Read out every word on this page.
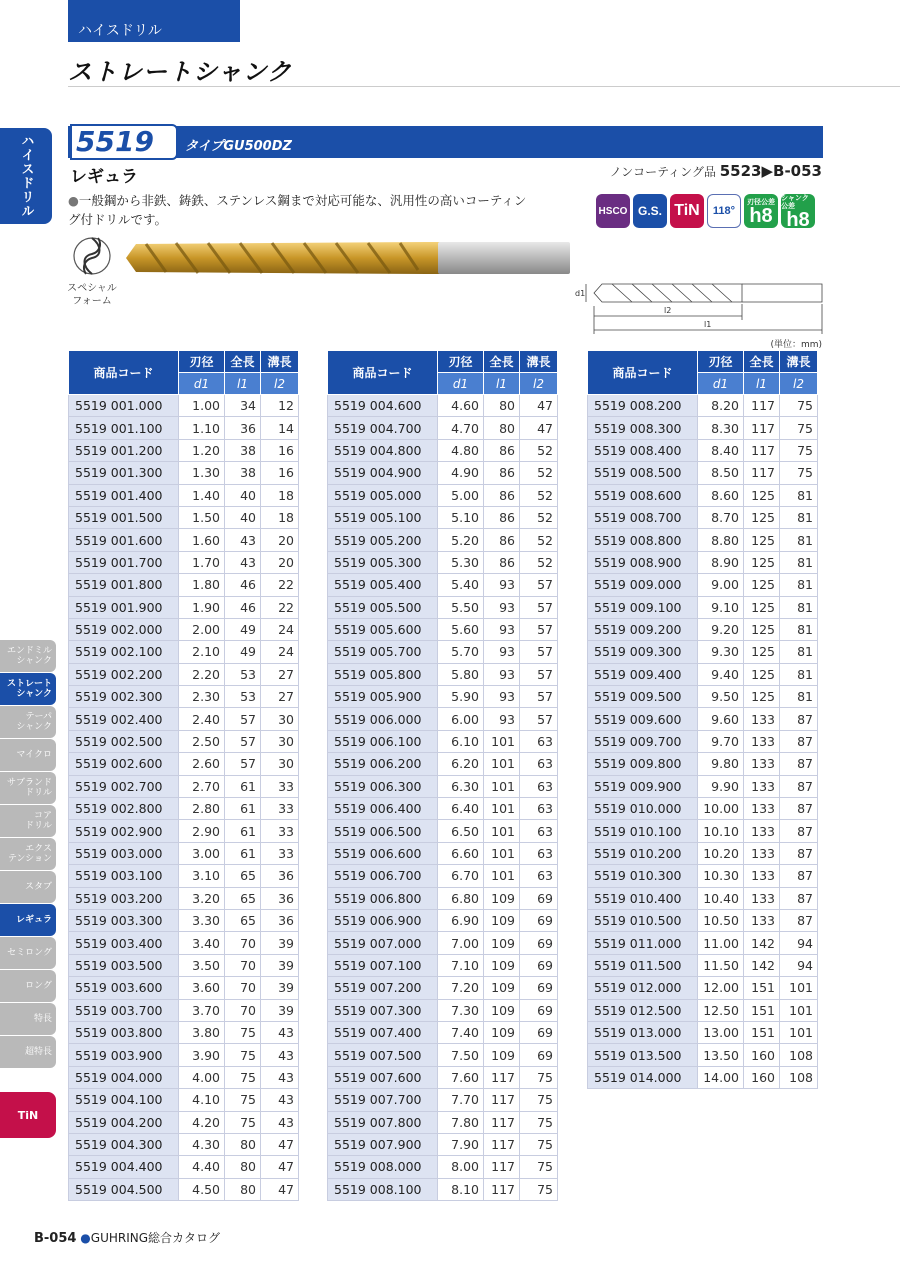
ハイスドリル
ストレートシャンク
ハイスドリル
エンドミル
シャンク
ストレート
シャンク
テーパ
シャンク
マイクロ
サブランド
ドリル
コア
ドリル
エクス
テンション
スタブ
レギュラ
セミロング
ロング
特長
超特長
TiN
5519	タイプGU500DZ
レギュラ	ノンコーティング品 5523▶B-053
●一般鋼から非鉄、鋳鉄、ステンレス鋼まで対応可能な、汎用性の高いコーティング付ドリルです。
HSCO G.S. TiN	118°
刃径公差
h8
シャンク公差
h8
スペシャル
フォーム
d1
l2
l1
(単位：mm)
商品コード	刃径	全長	溝長
	d1	l1	l2
5519 001.000	1.00	34	12
5519 001.100	1.10	36	14
5519 001.200	1.20	38	16
5519 001.300	1.30	38	16
5519 001.400	1.40	40	18
5519 001.500	1.50	40	18
5519 001.600	1.60	43	20
5519 001.700	1.70	43	20
5519 001.800	1.80	46	22
5519 001.900	1.90	46	22
5519 002.000	2.00	49	24
5519 002.100	2.10	49	24
5519 002.200	2.20	53	27
5519 002.300	2.30	53	27
5519 002.400	2.40	57	30
5519 002.500	2.50	57	30
5519 002.600	2.60	57	30
5519 002.700	2.70	61	33
5519 002.800	2.80	61	33
5519 002.900	2.90	61	33
5519 003.000	3.00	61	33
5519 003.100	3.10	65	36
5519 003.200	3.20	65	36
5519 003.300	3.30	65	36
5519 003.400	3.40	70	39
5519 003.500	3.50	70	39
5519 003.600	3.60	70	39
5519 003.700	3.70	70	39
5519 003.800	3.80	75	43
5519 003.900	3.90	75	43
5519 004.000	4.00	75	43
5519 004.100	4.10	75	43
5519 004.200	4.20	75	43
5519 004.300	4.30	80	47
5519 004.400	4.40	80	47
5519 004.500	4.50	80	47
商品コード	刃径	全長	溝長
	d1	l1	l2
5519 004.600	4.60	80	47
5519 004.700	4.70	80	47
5519 004.800	4.80	86	52
5519 004.900	4.90	86	52
5519 005.000	5.00	86	52
5519 005.100	5.10	86	52
5519 005.200	5.20	86	52
5519 005.300	5.30	86	52
5519 005.400	5.40	93	57
5519 005.500	5.50	93	57
5519 005.600	5.60	93	57
5519 005.700	5.70	93	57
5519 005.800	5.80	93	57
5519 005.900	5.90	93	57
5519 006.000	6.00	93	57
5519 006.100	6.10	101	63
5519 006.200	6.20	101	63
5519 006.300	6.30	101	63
5519 006.400	6.40	101	63
5519 006.500	6.50	101	63
5519 006.600	6.60	101	63
5519 006.700	6.70	101	63
5519 006.800	6.80	109	69
5519 006.900	6.90	109	69
5519 007.000	7.00	109	69
5519 007.100	7.10	109	69
5519 007.200	7.20	109	69
5519 007.300	7.30	109	69
5519 007.400	7.40	109	69
5519 007.500	7.50	109	69
5519 007.600	7.60	117	75
5519 007.700	7.70	117	75
5519 007.800	7.80	117	75
5519 007.900	7.90	117	75
5519 008.000	8.00	117	75
5519 008.100	8.10	117	75
商品コード	刃径	全長	溝長
	d1	l1	l2
5519 008.200	8.20	117	75
5519 008.300	8.30	117	75
5519 008.400	8.40	117	75
5519 008.500	8.50	117	75
5519 008.600	8.60	125	81
5519 008.700	8.70	125	81
5519 008.800	8.80	125	81
5519 008.900	8.90	125	81
5519 009.000	9.00	125	81
5519 009.100	9.10	125	81
5519 009.200	9.20	125	81
5519 009.300	9.30	125	81
5519 009.400	9.40	125	81
5519 009.500	9.50	125	81
5519 009.600	9.60	133	87
5519 009.700	9.70	133	87
5519 009.800	9.80	133	87
5519 009.900	9.90	133	87
5519 010.000	10.00	133	87
5519 010.100	10.10	133	87
5519 010.200	10.20	133	87
5519 010.300	10.30	133	87
5519 010.400	10.40	133	87
5519 010.500	10.50	133	87
5519 011.000	11.00	142	94
5519 011.500	11.50	142	94
5519 012.000	12.00	151	101
5519 012.500	12.50	151	101
5519 013.000	13.00	151	101
5519 013.500	13.50	160	108
5519 014.000	14.00	160	108
B-054 ●GUHRING総合カタログ
